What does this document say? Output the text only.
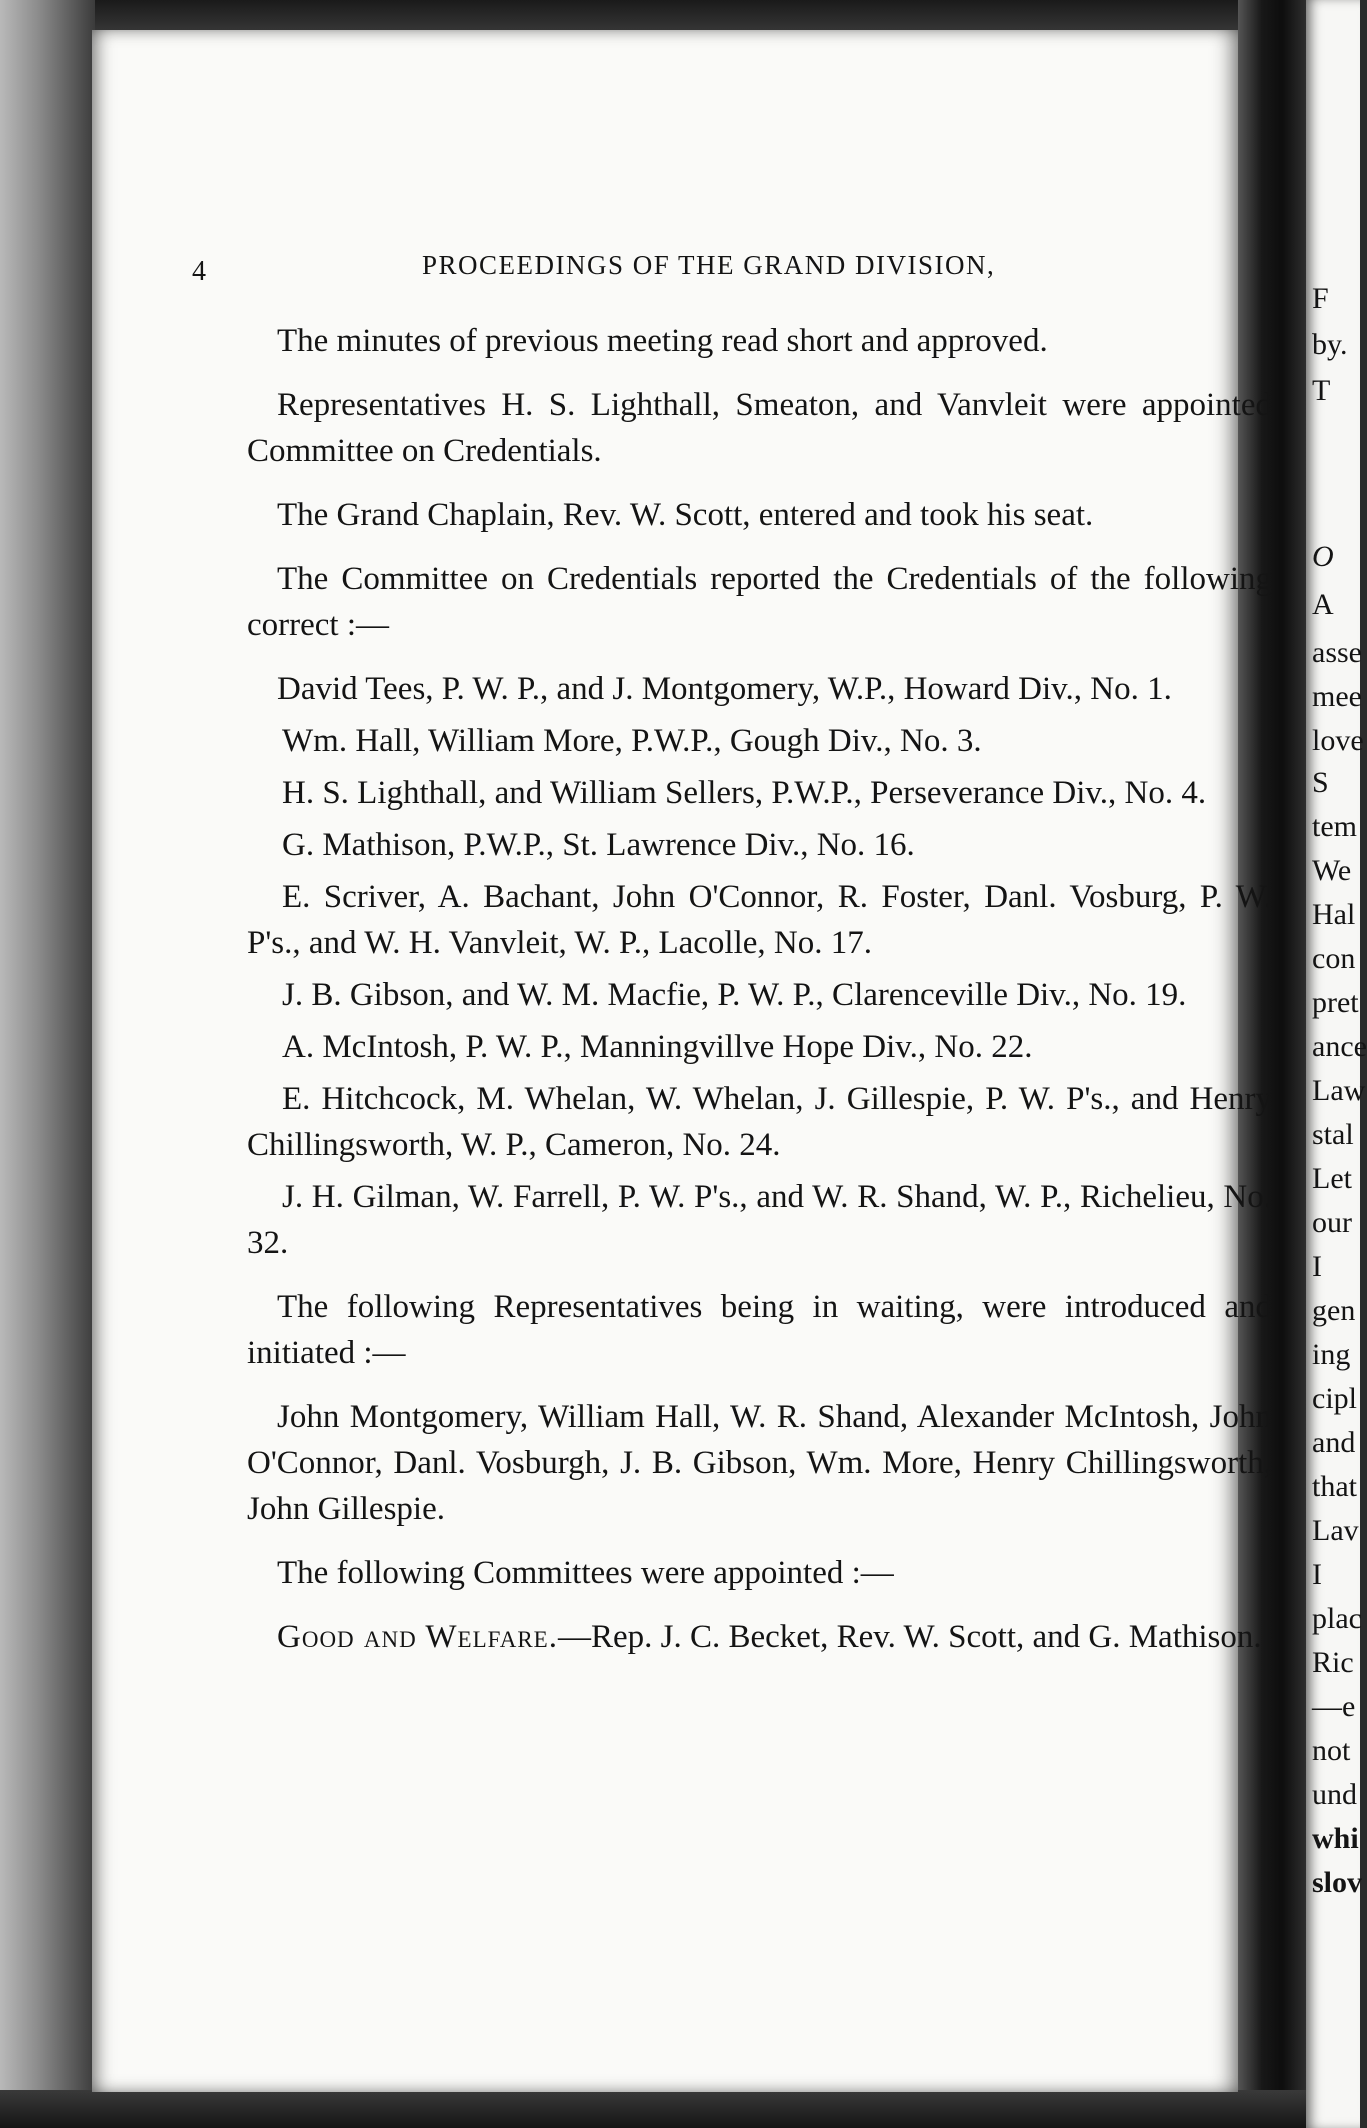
4	PROCEEDINGS OF THE GRAND DIVISION,

The minutes of previous meeting read short and approved.

Representatives H. S. Lighthall, Smeaton, and Vanvleit were appointed Committee on Credentials.

The Grand Chaplain, Rev. W. Scott, entered and took his seat.

The Committee on Credentials reported the Credentials of the following correct :—

David Tees, P. W. P., and J. Montgomery, W.P., Howard Div., No. 1.

Wm. Hall, William More, P.W.P., Gough Div., No. 3.

H. S. Lighthall, and William Sellers, P.W.P., Perseverance Div., No. 4.

G. Mathison, P.W.P., St. Lawrence Div., No. 16.

E. Scriver, A. Bachant, John O'Connor, R. Foster, Danl. Vosburg, P. W. P's., and W. H. Vanvleit, W. P., Lacolle, No. 17.

J. B. Gibson, and W. M. Macfie, P. W. P., Clarenceville Div., No. 19.

A. McIntosh, P. W. P., Manningvillve Hope Div., No. 22.

E. Hitchcock, M. Whelan, W. Whelan, J. Gillespie, P. W. P's., and Henry Chillingsworth, W. P., Cameron, No. 24.

J. H. Gilman, W. Farrell, P. W. P's., and W. R. Shand, W. P., Richelieu, No. 32.

The following Representatives being in waiting, were introduced and initiated :—

John Montgomery, William Hall, W. R. Shand, Alexander McIntosh, John O'Connor, Danl. Vosburgh, J. B. Gibson, Wm. More, Henry Chillingsworth, John Gillespie.

The following Committees were appointed :—

Good and Welfare.—Rep. J. C. Becket, Rev. W. Scott, and G. Mathison.

F
by.
T
O
A
asse
mee
love
S
tem
We
Hal
con
pret
ance
Law
stal
Let
our
I
gen
ing
cipl
and
that
Lav
I
plac
Ric
—e
not
und
whi
slov
